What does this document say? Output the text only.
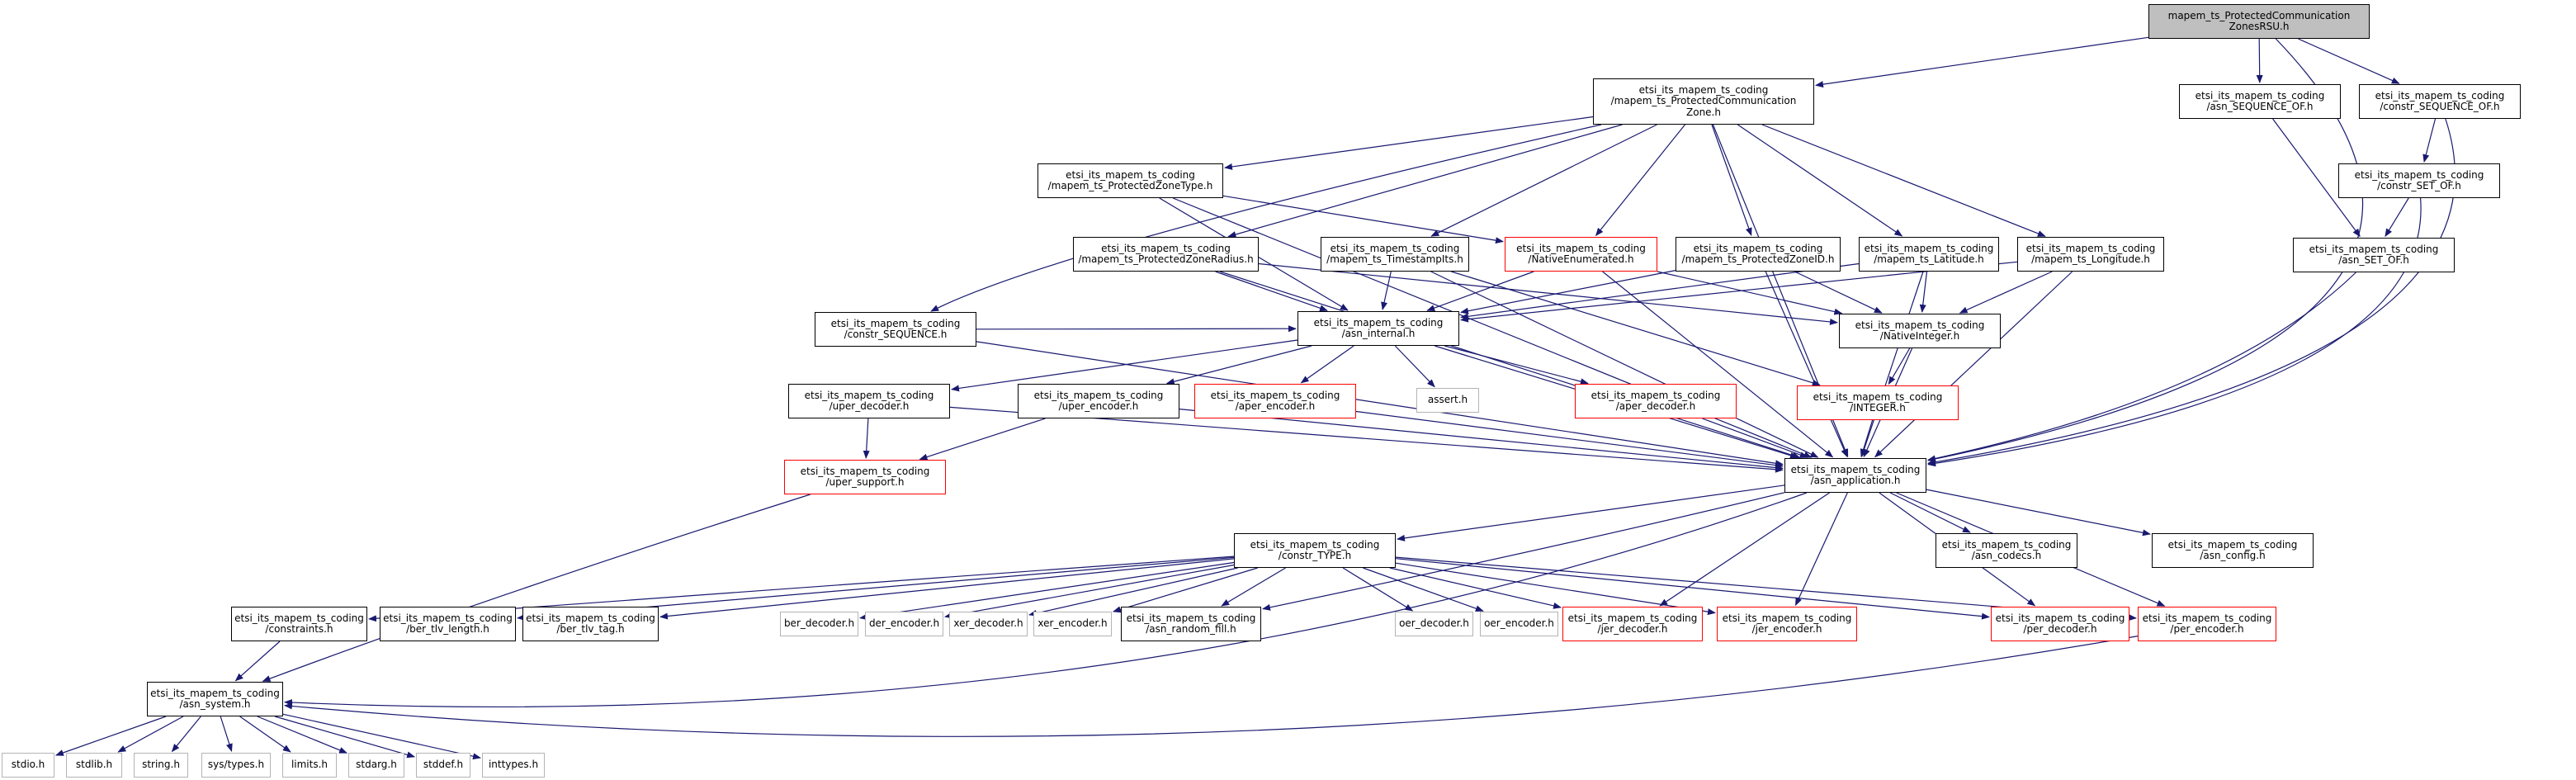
mapem_ts_ProtectedCommunication
ZonesRSU.h
etsi_its_mapem_ts_coding
/mapem_ts_ProtectedCommunication
Zone.h
etsi_its_mapem_ts_coding
/asn_SEQUENCE_OF.h
etsi_its_mapem_ts_coding
/constr_SEQUENCE_OF.h
etsi_its_mapem_ts_coding
/mapem_ts_ProtectedZoneType.h
etsi_its_mapem_ts_coding
/constr_SET_OF.h
etsi_its_mapem_ts_coding
/mapem_ts_ProtectedZoneRadius.h
etsi_its_mapem_ts_coding
/mapem_ts_TimestampIts.h
etsi_its_mapem_ts_coding
/NativeEnumerated.h
etsi_its_mapem_ts_coding
/mapem_ts_ProtectedZoneID.h
etsi_its_mapem_ts_coding
/mapem_ts_Latitude.h
etsi_its_mapem_ts_coding
/mapem_ts_Longitude.h
etsi_its_mapem_ts_coding
/asn_SET_OF.h
etsi_its_mapem_ts_coding
/constr_SEQUENCE.h
etsi_its_mapem_ts_coding
/asn_internal.h
etsi_its_mapem_ts_coding
/NativeInteger.h
etsi_its_mapem_ts_coding
/uper_decoder.h
etsi_its_mapem_ts_coding
/uper_encoder.h
etsi_its_mapem_ts_coding
/aper_encoder.h
assert.h	etsi_its_mapem_ts_coding
/aper_decoder.h
etsi_its_mapem_ts_coding
/INTEGER.h
etsi_its_mapem_ts_coding
/uper_support.h
etsi_its_mapem_ts_coding
/asn_application.h
etsi_its_mapem_ts_coding
/asn_codecs.h
etsi_its_mapem_ts_coding
/asn_config.h
etsi_its_mapem_ts_coding
/constr_TYPE.h
etsi_its_mapem_ts_coding
/constraints.h
etsi_its_mapem_ts_coding
/ber_tlv_length.h
etsi_its_mapem_ts_coding
/ber_tlv_tag.h	ber_decoder.h der_encoder.h xer_decoder.h xer_encoder.h etsi_its_mapem_ts_coding
/asn_random_fill.h	oer_decoder.h oer_encoder.h etsi_its_mapem_ts_coding
/jer_decoder.h
etsi_its_mapem_ts_coding
/jer_encoder.h
etsi_its_mapem_ts_coding
/per_decoder.h
etsi_its_mapem_ts_coding
/per_encoder.h
etsi_its_mapem_ts_coding
/asn_system.h
stdio.h	stdlib.h	string.h	sys/types.h	limits.h	stdarg.h	stddef.h	inttypes.h
